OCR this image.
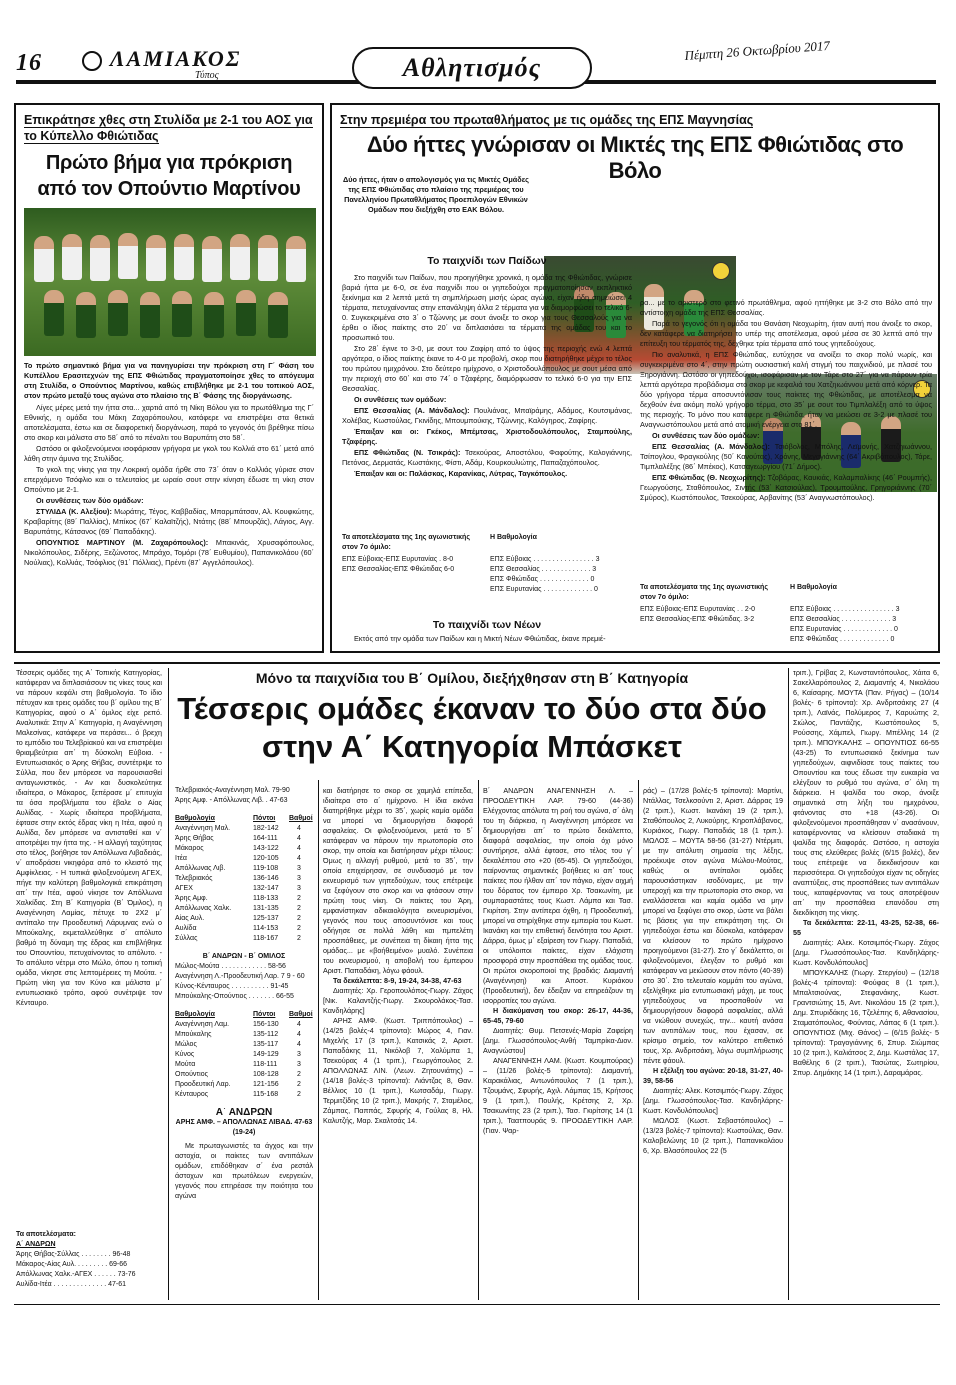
16	ΛΑΜΙΑΚΟΣ
Τύπος	Αθλητισμός
Πέμπτη 26 Οκτωβρίου 2017
Επικράτησε χθες στη Στυλίδα με 2-1 του ΑΟΣ για το Κύπελλο Φθιώτιδας
Πρώτο βήμα για πρόκριση από τον Οπούντιο Μαρτίνου
Το πρώτο σημαντικό βήμα για να πανηγυρίσει την πρόκριση στη Γ΄ Φάση του Κυπέλλου Ερασιτεχνών της ΕΠΣ Φθιώτιδας πραγματοποίησε χθες το απόγευμα στη Στυλίδα, ο Οπούντιος Μαρτίνου, καθώς επιβλήθηκε με 2-1 του τοπικού ΑΟΣ, στον πρώτο μεταξύ τους αγώνα στο πλαίσιο της Β΄ Φάσης της διοργάνωσης.

Λίγες μέρες μετά την ήττα στα... χαρτιά από τη Νίκη Βόλου για το πρωτάθλημα της Γ΄ Εθνικής, η ομάδα του Μάκη Ζαχαρόπουλου, κατάφερε να επιστρέψει στα θετικά αποτελέσματα, έστω και σε διαφορετική διοργάνωση, παρά το γεγονός ότι βρέθηκε πίσω στο σκορ και μάλιστα στο 58΄ από το πέναλτι του Βαρυπάτη στο 58΄.

Ωστόσο οι φιλοξενούμενοι ισοφάρισαν γρήγορα με γκολ του Κολλιά στο 61΄ μετά από λάθη στην άμυνα της Στυλίδας.

Το γκολ της νίκης για την Λοκρική ομάδα ήρθε στο 73΄ όταν ο Κολλιάς γύρισε στον επερχόμενο Τσόφλιο και ο τελευταίος με ωραίο σουτ στην κίνηση έδωσε τη νίκη στον Οπούντιο με 2-1.

Οι συνθέσεις των δύο ομάδων:

ΣΤΥΛΙΔΑ (Κ. Αλεξίου): Μωράτης, Τέγος, Καββαδίας, Μπαρμπάτσαν, Αλ. Κουφκώτης, Κραβαρίτης (89΄ Παλλίας), Μπίκος (67΄ Καλαϊτζής), Ντάτης (88΄ Μπουρζάς), Λάγιος, Αγγ. Βαρυπάτης, Κάτσανος (69΄ Παπαδάκης).

ΟΠΟΥΝΤΙΟΣ ΜΑΡΤΙΝΟΥ (Μ. Ζαχαρόπουλος): Μπακινάς, Χρυσαφόπουλος, Νικολόπουλος, Σιδέρης, Ξεζώνοτος, Μπράχο, Τομόρι (78΄ Ευθυμίου), Παπανικολάου (60΄ Νούλιας), Κολλιάς, Τσόφλιος (91΄ Πόλλιας), Πρέντι (87΄ Αγγελόπουλος).

Στην πρεμιέρα του πρωταθλήματος με τις ομάδες της ΕΠΣ Μαγνησίας
Δύο ήττες γνώρισαν οι Μικτές της ΕΠΣ Φθιώτιδας στο Βόλο
Δύο ήττες, ήταν ο απολογισμός για τις Μικτές Ομάδες της ΕΠΣ Φθιώτιδας στο πλαίσιο της πρεμιέρας του Πανελληνίου Πρωταθλήματος Προεπιλογών Εθνικών Ομάδων που διεξήχθη στο ΕΑΚ Βόλου.
Το παιχνίδι των Παίδων

Στο παιχνίδι των Παίδων, που προηγήθηκε χρονικά, η ομάδα της Φθιώτιδας, γνώρισε βαριά ήττα με 6-0, σε ένα παιχνίδι που οι γηπεδούχοι πραγματοποίησαν εκπληκτικό ξεκίνημα και 2 λεπτά μετά τη σημπλήρωση μισής ώρας αγώνα, είχαν ήδη σημειώσει 4 τέρματα, πετυχαίνοντας στην επανάληψη άλλα 2 τέρματα για να διαμορφώσει το τελικό 6-0. Συγκεκριμένα στο 3΄ ο Τζώννης με σουτ άνοιξε το σκορ για τους Θεσσαλούς για να έρθει ο ίδιος παίκτης στο 20΄ να διπλασιάσει τα τέρματα της ομάδας του και το προσωπικό του.

Στο 28΄ έγινε το 3-0, με σουτ του Ζαφίρη από το ύψος της περιοχής ενώ 4 λεπτά αργότερα, ο ίδιος παίκτης έκανε το 4-0 με προβολή, σκορ που διατηρήθηκε μέχρι το τέλος του πρώτου ημιχρόνου. Στο δεύτερο ημίχρονο, ο Χριστοδουλόπουλος με σουτ μέσα από την περιοχή στο 60΄ και στο 74΄ ο Τζαφέρης, διαμόρφωσαν το τελικό 6-0 για την ΕΠΣ Θεσσαλίας.

Οι συνθέσεις των ομάδων:

ΕΠΣ Θεσσαλίας (Α. Μάνδαλος): Πουλιάνας, Μπαϊράμης, Αδάμος, Κουτσιμάνας, Χολέβας, Κωστούλας, Γκινίδης, Μπουμπούκης, Τζώννης, Καλόγηρος, Ζαφίρης.

Έπαιξαν και οι: Γκέκος, Μπέμτσας, Χριστοδουλόπουλος, Σταμπούλης, Τζαφέρης.

ΕΠΣ Φθιώτιδας (Ν. Τσικράς): Τσεκούρας, Αποστόλου, Φαφούτης, Καλογιάννης, Πετόνας, Δερματάς, Κωστάκης, Φίστι, Αδάμ, Κουρκουλιώτης, Παπαζαχόπουλος.

Έπαιξαν και οι: Παλάσκας, Καρανίκας, Λύτρας, Ταγκόπουλος.

Τα αποτελέσματα της 1ης αγωνιστικής στον 7ο όμιλο:
Η Βαθμολογία
ΕΠΣ Εύβοιας-ΕΠΣ Ευρυτανίας . 8-0
ΕΠΣ Θεσσαλίας-ΕΠΣ Φθιώτιδας 6-0
ΕΠΣ Εύβοιας . . . . . . . . . . . . . . . . 3
ΕΠΣ Θεσσαλίας . . . . . . . . . . . . . 3
ΕΠΣ Φθιώτιδας . . . . . . . . . . . . . 0
ΕΠΣ Ευρυτανίας . . . . . . . . . . . . . 0
Το παιχνίδι των Νέων

Εκτός από την ομάδα των Παίδων και η Μικτή Νέων Φθιώτιδας, έκανε πρεμιέ-

ρα... με το αριστερό στο φετινό πρωτάθλημα, αφού ηττήθηκε με 3-2 στο Βόλο από την αντίστοιχη ομάδα της ΕΠΣ Θεσσαλίας.

Παρά το γεγονός ότι η ομάδα του Θανάση Νεοχωρίτη, ήταν αυτή που άνοιξε το σκορ, δεν κατάφερε να διατηρήσει το υπέρ της αποτέλεσμα, αφού μέσα σε 30 λεπτά από την επίτευξη του τέρματός της, δέχθηκε τρία τέρματα από τους γηπεδούχους.

Πιο αναλυτικά, η ΕΠΣ Φθιώτιδας, ευτύχησε να ανοίξει το σκορ πολύ νωρίς, και συγκεκριμένα στο 4΄, στην πρώτη ουσιαστική καλή στιγμή του παιχνιδιού, με πλασέ του Ξηρογιάννη. Ωστόσο οι γηπεδούχοι, ισοφάρισαν με τον Τάρε στο 27΄ για να πάρουν τρία λεπτά αργότερα προβάδισμα στο σκορ με κεφαλιά του Χατζηιωάννου μετά από κόρνερ. Τα δύο γρήγορα τέρμα αποσυντόνισαν τους παίκτες της Φθιώτιδας, με αποτέλεσμα να δεχθούν ένα ακόμη πολύ γρήγορο τέρμα, στο 35΄ με σουτ του Τιμπλαλέξη από το ύψος της περιοχής. Το μόνο που κατάφερε η Φθιώτιδα, ήταν να μειώσει σε 3-2 με πλασέ του Αναγνωστόπουλου μετά από ατομική ενέργεια στο 81΄.

Οι συνθέσεις των δύο ομάδων:

ΕΠΣ Θεσσαλίας (Α. Μάνδαλος): Τσιόβολος, Μπόλης, Λεϊμονής, Χατζηιωάννου, Τσίπογλου, Φραγκούλης (50΄ Κανούτας), Χρόνης, Μεγαγιάννης (64΄ Ακριβόπουλος), Τάρε, Τιμπλαλέξης (86΄ Μπέκος), Κατσαγεωργίου (71΄ Δήμος).

ΕΠΣ Φθιώτιδας (Θ. Νεοχωρίτης): Τζοβάρας, Καυκιάς, Καλαμπαλίκης (46΄ Ρουμπής), Γεωργούσης, Σταθόπουλος, Σιντής (53΄ Κατσιούλας), Τρουμπούλης, Γρηγοριάννης (70΄ Σμύρος), Κωστόπουλος, Τσεκούρας, Αρβανίτης (53΄ Αναγνωστόπουλος).

Τα αποτελέσματα της 1ης αγωνιστικής στον 7ο όμιλο:
Η Βαθμολογία
ΕΠΣ Εύβοιας-ΕΠΣ Ευρυτανίας . . 2-0
ΕΠΣ Θεσσαλίας-ΕΠΣ Φθιώτιδας. 3-2
ΕΠΣ Εύβοιας . . . . . . . . . . . . . . . . 3
ΕΠΣ Θεσσαλίας . . . . . . . . . . . . . 3
ΕΠΣ Ευρυτανίας . . . . . . . . . . . . . 0
ΕΠΣ Φθιώτιδας . . . . . . . . . . . . . 0

Τέσσερις ομάδες της Α΄ Τοπικής Κατηγορίας, κατάφεραν να διπλασιάσουν τις νίκες τους και να πάρουν κεφάλι στη βαθμολογία. Το ίδιο πέτυχαν και τρεις ομάδες του β΄ ομίλου της Β΄ Κατηγορίας, αφού ο Α΄ όμιλος είχε ρεπό. Αναλυτικά: Στην Α΄ Κατηγορία, η Αναγέννηση Μαλεσίνας, κατάφερε να περάσει... ό βρεχη το εμπόδιο του Τελεβρiακού και να επιστρέψει θριαμβεύτρια απ΄ τη δύσκολη Εύβοια. - Εντυπωσιακός ο Άρης Θήβας, συντέτριψε το Σύλλα, που δεν μπόρεσε να παρουσιασθεί ανταγωνιστικός. - Αν και δυσκολεύτηκε ιδιαίτερα, ο Μάκαρος, ξεπέρασε μ΄ επιτυχία τα όσα προβλήματα του έβαλε ο Αίας Αυλίδας. - Χωρίς ιδιαίτερα προβλήματα, έφτασε στην εκτός έδρας νίκη η Ιτέα, αφού η Αυλίδα, δεν μπόρεσε να αντισταθεί και ν΄ αποτρέψει την ήττα της. - Η αλλαγή ταχύτητας στο τέλος, βοήθησε τον Απόλλωνα Λιβαδειάς, ν΄ αποδράσει νικηφόρα από το κλειστό της Αμφίκλειας. - Η τυπικά φιλοξενούμενη ΑΓΕΧ, πήγε την καλύτερη βαθμολογικά επικράτηση απ΄ την Ιτέα, αφού νίκησε τον Απόλλωνα Χαλκίδας. Στη Β΄ Κατηγορία (Β΄ Όμιλος), η Αναγέννηση Λαμίας, πέτυχε το 2Χ2 μ΄ αντίπαλο την Προοδευτική Λάρυμνας ενώ ο Μπούκαλης, εκμεταλλεύθηκε σ΄ απόλυτο βαθμό τη δύναμη της έδρας και επιβλήθηκε του Οπουντίου, πετυχαίνοντας το απόλυτο. - Το απόλυτο νέτρμι στο Μώλο, όπου η τοπική ομάδα, νίκησε στις λεπτομέρειες τη Μούτα. - Πρώτη νίκη για τον Κύνο και μάλιστα μ΄ εντυπωσιακό τρόπο, αφού συνέτριψε τον Κένταυρο.

Τα αποτελέσματα:
Α΄ ΑΝΔΡΩΝ
Άρης Θήβας-Σύλλας . . . . . . . . 96-48
Μάκαρος-Αίας Αυλ. . . . . . . . . 69-66
Απόλλωνας Χαλκ.-ΑΓΕΧ . . . . . . 73-76
Αυλίδα-Ιτέα . . . . . . . . . . . . . . 47-61
Μόνο τα παιχνίδια του Β΄ Ομίλου, διεξήχθησαν στη Β΄ Κατηγορία
Τέσσερις ομάδες έκαναν το δύο στα δύο στην Α΄ Κατηγορία Μπάσκετ
Τελεβριακός-Αναγέννηση Μαλ. 79-90
Άρης Αμφ. - Απόλλωνας Λιβ. . 47-63
Βαθμολογία	Πόντοι	Βαθμοί
Αναγέννηση Μαλ.	182-142	4
Άρης Θήβας	164-111	4
Μάκαρος	143-122	4
Ιτέα	120-105	4
Απόλλωνας Λιβ.	119-108	3
Τελεβριακός	136-146	3
ΑΓΕΧ	132-147	3
Άρης Αμφ.	118-133	2
Απόλλωνας Χαλκ.	131-135	2
Αίας Αυλ.	125-137	2
Αυλίδα	114-153	2
Σύλλας	118-167	2
Β΄ ΑΝΔΡΩΝ - Β΄ ΟΜΙΛΟΣ
Μώλος-Μούτα . . . . . . . . . . . . 58-56
Αναγέννηση Λ.-Προοδευτική Λαρ. 7 9 - 60
Κύνος-Κένταυρος . . . . . . . . . . 91-45
Μπούκαλης-Οπούντιος . . . . . . . 66-55
Βαθμολογία	Πόντοι	Βαθμοί
Αναγέννηση Λαμ.	156-130	4
Μπούκαλης	135-112	4
Μώλος	135-117	4
Κύνος	149-129	3
Μούτα	118-111	3
Οπούντιος	108-128	2
Προοδευτική Λαρ.	121-156	2
Κένταυρος	115-168	2
Α΄ ΑΝΔΡΩΝ
ΑΡΗΣ ΑΜΦ. – ΑΠΟΛΛΩΝΑΣ ΛΙΒΑΔ. 47-63 (19-24)

Με πρωταγωνιστές τα άγχος και την αστοχία, οι παίκτες των αντιπάλων ομάδων, επιδόθηκαν σ΄ ένα ρεστάλ άστοχων και πρωτόλεων ενεργειών, γεγονός που επηρέασε την ποιότητα του αγώνα

και διατήρησε το σκορ σε χαμηλά επίπεδα, ιδιαίτερα στο α΄ ημίχρονο. Η ίδια εικόνα διατηρήθηκε μέχρι το 35΄, χωρίς καμία ομάδα να μπορεί να δημιουργήσει διαφορά ασφαλείας. Οι φιλοξενούμενοι, μετά το 5΄ κατάφεραν να πάρουν την πρωτοπορία στο σκορ, την οποία και διατήρησαν μέχρι τέλους: Όμως η αλλαγή ρυθμού, μετά το 35΄, την οποία επιχείρησαν, σε συνδυασμό με τον εκνευρισμό των γηπεδούχων, τους επέτρεψε να ξεφύγουν στο σκορ και να φτάσουν στην πρώτη τους νίκη. Οι παίκτες του Άρη, εμφανίστηκαν αδικαιολόγητα εκνευρισμένοι, γεγονός που τους αποσυντόνισε και τους οδήγησε σε πολλά λάθη και πμπελέτη προσπάθειες, με συνέπεια τη δίκαιη ήττα της ομάδας... με «βοήθειμένο» μυαλό. Συνέπεια του εκνευρισμού, η αποβολή του έμπειρου Αριστ. Παπαδάκη, λόγω φάουλ.

Τα δεκάλεπτα: 8-9, 19-24, 34-38, 47-63

Διαιτητές: Χρ. Γεροπουλόπος-Γιωργ. Ζάχος [Νικ. Καλαντζής-Γιωργ. Σκουρολάκος-Τασ. Κανδηλάρης]

ΑΡΗΣ ΑΜΦ. (Κωστ. Τριππόπουλος) – (14/25 βολές-4 τρίποντα): Μώρος 4, Γιαν. Μιχελής 17 (3 τριπ.), Κατσικάς 2, Αριστ. Παπαδάκης 11, Νικόλοβ 7, Χολύμπα 1, Τσεκούρας 4 (1 τριπ.), Γεωργόπουλος 2. ΑΠΟΛΛΩΝΑΣ ΛΙΝ. (Λεων. Ζητουνιάτης) – (14/18 βολές-3 τρίποντα): Λιάντζας 8, Θαν. Βέλλιος 10 (1 τριπ.), Κωτσαδάμ, Γιωργ. Τερμιτζίδης 10 (2 τριπ.), Μακρής 7, Σταμέλος, Ζάμπας, Παππάς, Σφυρής 4, Γούλας 8, Ηλ. Καλυτζής, Μαρ. Σκαλτσάς 14.

Β΄ ΑΝΔΡΩΝ ΑΝΑΓΕΝΝΗΣΗ Λ. – ΠΡΟΟΔΕΥΤΙΚΗ ΛΑΡ. 79-60 (44-36) Ελέγχοντας απόλυτα τη ροή του αγώνα, σ΄ όλη του τη διάρκεια, η Αναγέννηση μπόρεσε να δημιουργήσει απ΄ το πρώτο δεκάλεπτο, διαφορά ασφαλείας, την οποία όχι μόνο συντήρησε, αλλά έφτασε, στο τέλος του γ΄ δεκαλέπτου στο +20 (65-45). Οι γηπεδούχοι, παίρνοντας σημαντικές βοήθειες κι απ΄ τους παίκτες που ήλθαν απ΄ τον πάγκο, είχαν αιχμή του δόρατος τον έμπειρο Χρ. Τσακωνίτη, με συμπαραστάτες τους Κωστ. Λάμπα και Τασ. Γκιρίτση. Στην αντίπερα όχθη, η Προοδευτική, μπορεί να στηρίχθηκε στην εμπειρία του Κωστ. Ικανάκη και την επιθετική δεινότητα του Αριστ. Δάρρα, όμως μ΄ εξαίρεση τον Γιωργ. Παπαδιά, οι υπόλοιποι παίκτες, είχαν ελάχιστη προσφορά στην προσπάθεια της ομάδας τους. Οι πρώτοι σκοροποιοί της βραδιάς: Διαμαντή (Αναγέννηση) και Αποστ. Κυριάκου (Προοδευτική), δεν έδειξαν να επηρεάζουν τη ισορροπίες του αγώνα.

Η διακύμανση του σκορ: 26-17, 44-36, 65-45, 79-60

Διαιτητές: Θυμ. Πετσενές-Μαρία Ζαφείρη [Δημ. Γλωσσόπουλος-Ανθή Ταμπρίκα-Διον. Αναγνώστου]

ΑΝΑΓΕΝΝΗΣΗ ΛΑΜ. (Κωστ. Κουμπούρας) – (11/26 βολές-5 τρίποντα): Διαμαντή, Καρακάλιας, Αντωνόπουλος 7 (1 τριπ.), Τζουμάνς, Σφυρής, Αχιλ. Λάμπας 15, Κρήτσος 9 (1 τριπ.), Πουλής, Κρέτσης 2, Χρ. Τσακωνίτης 23 (2 τριπ.), Τασ. Γκιρίτσης 14 (1 τριπ.), Ταατπουράς 9. ΠΡΟΟΔΕΥΤΙΚΗ ΛΑΡ. (Γιαν. Ψαρ-

ράς) – (17/28 βολές-5 τρίποντα): Μαρτίνι, Ντάλλας, Τσελκσούντι 2, Αριστ. Δάρρας 19 (2 τριπ.), Κωστ. Ικανάκη 19 (2 τριπ.), Σταθόπουλος 2, Λυκούρης, Κηροπλάβανος, Κυριάκος, Γιωργ. Παπαδιάς 18 (1 τριπ.). ΜΩΛΟΣ – ΜΟΥΤΑ 58-56 (31-27) Ντέρμιτι, με την απόλυτη σημασία της λέξης, προέκυψε στον αγώνα Μώλου-Μούτας, καθώς οι αντίπαλοι ομάδες παρουσιάστηκαν ισοδύναμες, με την υπεροχή και την πρωτοπορία στο σκορ, να εναλλάσσεται και καμία ομάδα να μην μπορεί να ξεφύγει στο σκορ, ώστε να βάλει τις βάσεις για την επικράτηση της. Οι γηπεδούχοι έστω και δύσκολα, κατάφεραν να κλείσουν το πρώτο ημίχρονο προηγούμενοι (31-27). Στο γ΄ δεκάλεπτο, οι φιλοξενούμενοι, έλεγξαν το ρυθμό και κατάφεραν να μειώσουν στον πόντο (40-39) στο 30΄. Στο τελευταίο κομμάτι του αγώνα, εξελίχθηκε μία εντυπωσιακή μάχη, με τους γηπεδούχους να προσπαθούν να δημιουργήσουν διαφορά ασφαλείας, αλλά να νιώθουν συνεχώς, την... καυτή ανάσα των αντιπάλων τους, που έχασαν, σε κρίσιμο σημείο, τον καλύτερο επιθετικό τους, Χρ. Ανδριτσάκη, λόγω συμπλήρωσης πέντε φάουλ.

Η εξέλιξη του αγώνα: 20-18, 31-27, 40-39, 58-56

Διαιτητές: Αλεκ. Κοτσιμπός-Γιωργ. Ζάχος [Δημ. Γλωσσόπουλος-Τασ. Κανδηλάρης-Κωστ. Κονδυλόπουλος]

ΜΩΛΟΣ (Κωστ. Σεβαστόπουλος) – (13/23 βολές-7 τρίποντα): Κωστούλας, Θαν. Καλοβελώνης 10 (2 τριπ.), Παπανικολάου 6, Χρ. Βλασόπουλος 22 (5

τριπ.), Γρίβας 2, Κωνσταντόπουλος, Χάιτα 6, Σακελλαρόπουλος 2, Διαμαντής 4, Νικολάου 6, Καίσαρης. ΜΟΥΤΑ (Παν. Ρήγας) – (10/14 βολές- 6 τρίποντα): Χρ. Ανδριτσάκης 27 (4 τριπ.), Λαϊνάς, Πολύμερος 7, Καρυώτης 2, Σιώλος, Παντάζης, Κωστόπουλος 5, Ρούσσης, Χάμπελ, Γιωργ. Μπέλλης 14 (2 τριπ.). ΜΠΟΥΚΑΛΗΣ – ΟΠΟΥΝΤΙΟΣ 66-55 (43-25) Το εντυπωσιακό ξεκίνημα των γηπεδούχων, αιφνιδίασε τους παίκτες του Οπουντίου και τους έδωσε την ευκαιρία να ελέγξουν το ρυθμό του αγώνα, σ΄ όλη τη διάρκεια. Η ψαλίδα του σκορ, άνοιξε σημαντικά στη λήξη του ημιχρόνου, φτάνοντας στο +18 (43-26). Οι φιλοξενούμενοι προσπάθησαν ν΄ ανασάνουν, καταφέρνοντας να κλείσουν σταδιακά τη ψαλίδα της διαφοράς. Ωστόσο, η αστοχία τους στις ελεύθερες βολές (6/15 βολές), δεν τους επέτρεψε να διεκδικήσουν και περισσότερα. Οι γηπεδούχοι είχαν τις οδηγίες αναπτύξεις, στις προσπάθειες των αντιπάλων τους, καταφέρνοντας να τους αποτρέψουν απ΄ την προσπάθεια επανόδου στη διεκδίκηση της νίκης.

Τα δεκάλεπτα: 22-11, 43-25, 52-38, 66-55

Διαιτητές: Αλεκ. Κοτσιμπός-Γιωργ. Ζάχος [Δημ. Γλωσσόπουλος-Τασ. Κανδηλάρης-Κωστ. Κονδυλόπουλος]

ΜΠΟΥΚΑΛΗΣ (Γιωργ. Στεργίου) – (12/18 βολές-4 τρίποντα): Φούφας 8 (1 τριπ.), Μπαλτσιούνας, Στεφανάκης, Κωστ. Γραντσιώτης 15, Αντ. Νικολάου 15 (2 τριπ.), Δημ. Σπυριδάκης 16, Τζελέπης 6, Αθανασίου, Σταματόπουλος, Φούντας, Λάπας 6 (1 τριπ.). ΟΠΟΥΝΤΙΟΣ (Μιχ. Θάνος) – (6/15 βολές- 5 τρίποντα): Τραγογιάννης 6, Σπυρ. Σιώμπας 10 (2 τριπ.), Καλιάτσος 2, Δημ. Κωστάλας 17, Βαθέλης 6 (2 τριπ.), Τασώτας, Σωτηρίου, Σπυρ. Δημάκης 14 (1 τριπ.), Δαραμάρας.
